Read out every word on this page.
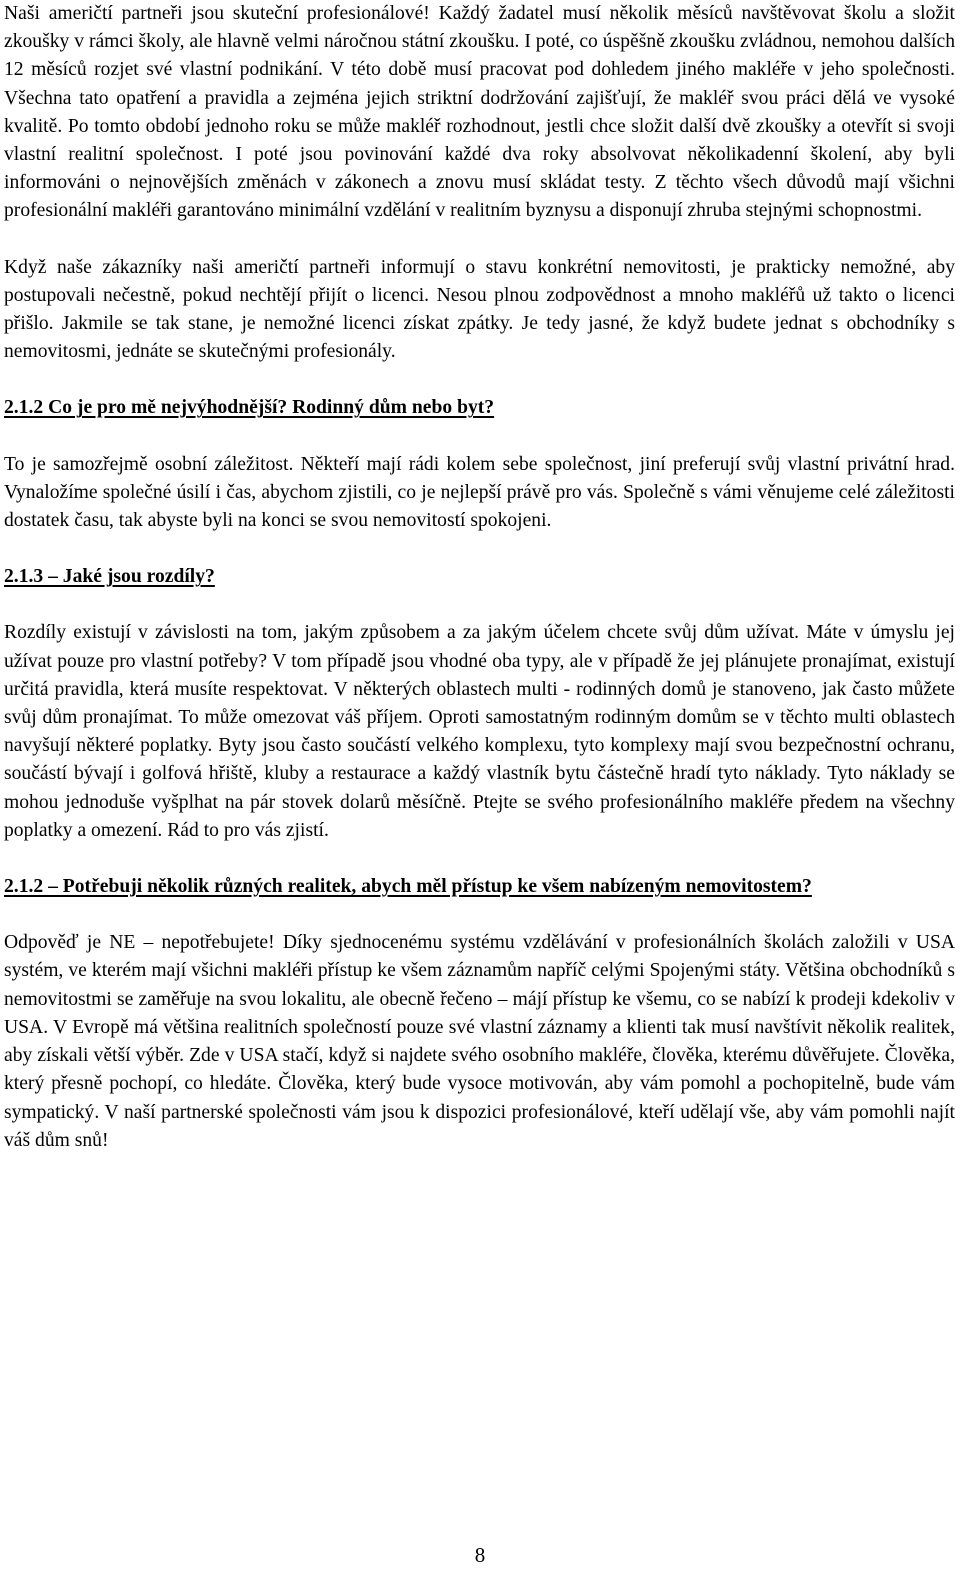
Naši američtí partneři jsou skuteční profesionálové! Každý žadatel musí několik měsíců navštěvovat školu a složit zkoušky v rámci školy, ale hlavně velmi náročnou státní zkoušku. I poté, co úspěšně zkoušku zvládnou, nemohou dalších 12 měsíců rozjet své vlastní podnikání. V této době musí pracovat pod dohledem jiného makléře v jeho společnosti. Všechna tato opatření a pravidla a zejména jejich striktní dodržování zajišťují, že makléř svou práci dělá ve vysoké kvalitě. Po tomto období jednoho roku se může makléř rozhodnout, jestli chce složit další dvě zkoušky a otevřít si svoji vlastní realitní společnost. I poté jsou povinování každé dva roky absolvovat několikadenní školení, aby byli informováni o nejnovějších změnách v zákonech a znovu musí skládat testy. Z těchto všech důvodů mají všichni profesionální makléři garantováno minimální vzdělání v realitním byznysu a disponují zhruba stejnými schopnostmi.

Když naše zákazníky naši američtí partneři informují o stavu konkrétní nemovitosti, je prakticky nemožné, aby postupovali nečestně, pokud nechtějí přijít o licenci. Nesou plnou zodpovědnost a mnoho makléřů už takto o licenci přišlo. Jakmile se tak stane, je nemožné licenci získat zpátky. Je tedy jasné, že když budete jednat s obchodníky s nemovitosmi, jednáte se skutečnými profesionály.

2.1.2 Co je pro mě nejvýhodnější? Rodinný dům nebo byt?

To je samozřejmě osobní záležitost. Někteří mají rádi kolem sebe společnost, jiní preferují svůj vlastní privátní hrad. Vynaložíme společné úsilí i čas, abychom zjistili, co je nejlepší právě pro vás. Společně s vámi věnujeme celé záležitosti dostatek času, tak abyste byli na konci se svou nemovitostí spokojeni.

2.1.3 – Jaké jsou rozdíly?

Rozdíly existují v závislosti na tom, jakým způsobem a za jakým účelem chcete svůj dům užívat. Máte v úmyslu jej užívat pouze pro vlastní potřeby? V tom případě jsou vhodné oba typy, ale v případě že jej plánujete pronajímat, existují určitá pravidla, která musíte respektovat. V některých oblastech multi - rodinných domů je stanoveno, jak často můžete svůj dům pronajímat. To může omezovat váš příjem. Oproti samostatným rodinným domům se v těchto multi oblastech navyšují některé poplatky. Byty jsou často součástí velkého komplexu, tyto komplexy mají svou bezpečnostní ochranu, součástí bývají i golfová hřiště, kluby a restaurace a každý vlastník bytu částečně hradí tyto náklady. Tyto náklady se mohou jednoduše vyšplhat na pár stovek dolarů měsíčně. Ptejte se svého profesionálního makléře předem na všechny poplatky a omezení. Rád to pro vás zjistí.

2.1.2 – Potřebuji několik různých realitek, abych měl přístup ke všem nabízeným nemovitostem?

Odpověď je NE – nepotřebujete! Díky sjednocenému systému vzdělávání v profesionálních školách založili v USA systém, ve kterém mají všichni makléři přístup ke všem záznamům napříč celými Spojenými státy. Většina obchodníků s nemovitostmi se zaměřuje na svou lokalitu, ale obecně řečeno – májí přístup ke všemu, co se nabízí k prodeji kdekoliv v USA. V Evropě má většina realitních společností pouze své vlastní záznamy a klienti tak musí navštívit několik realitek, aby získali větší výběr. Zde v USA stačí, když si najdete svého osobního makléře, člověka, kterému důvěřujete. Člověka, který přesně pochopí, co hledáte. Člověka, který bude vysoce motivován, aby vám pomohl a pochopitelně, bude vám sympatický. V naší partnerské společnosti vám jsou k dispozici profesionálové, kteří udělají vše, aby vám pomohli najít váš dům snů!

8
